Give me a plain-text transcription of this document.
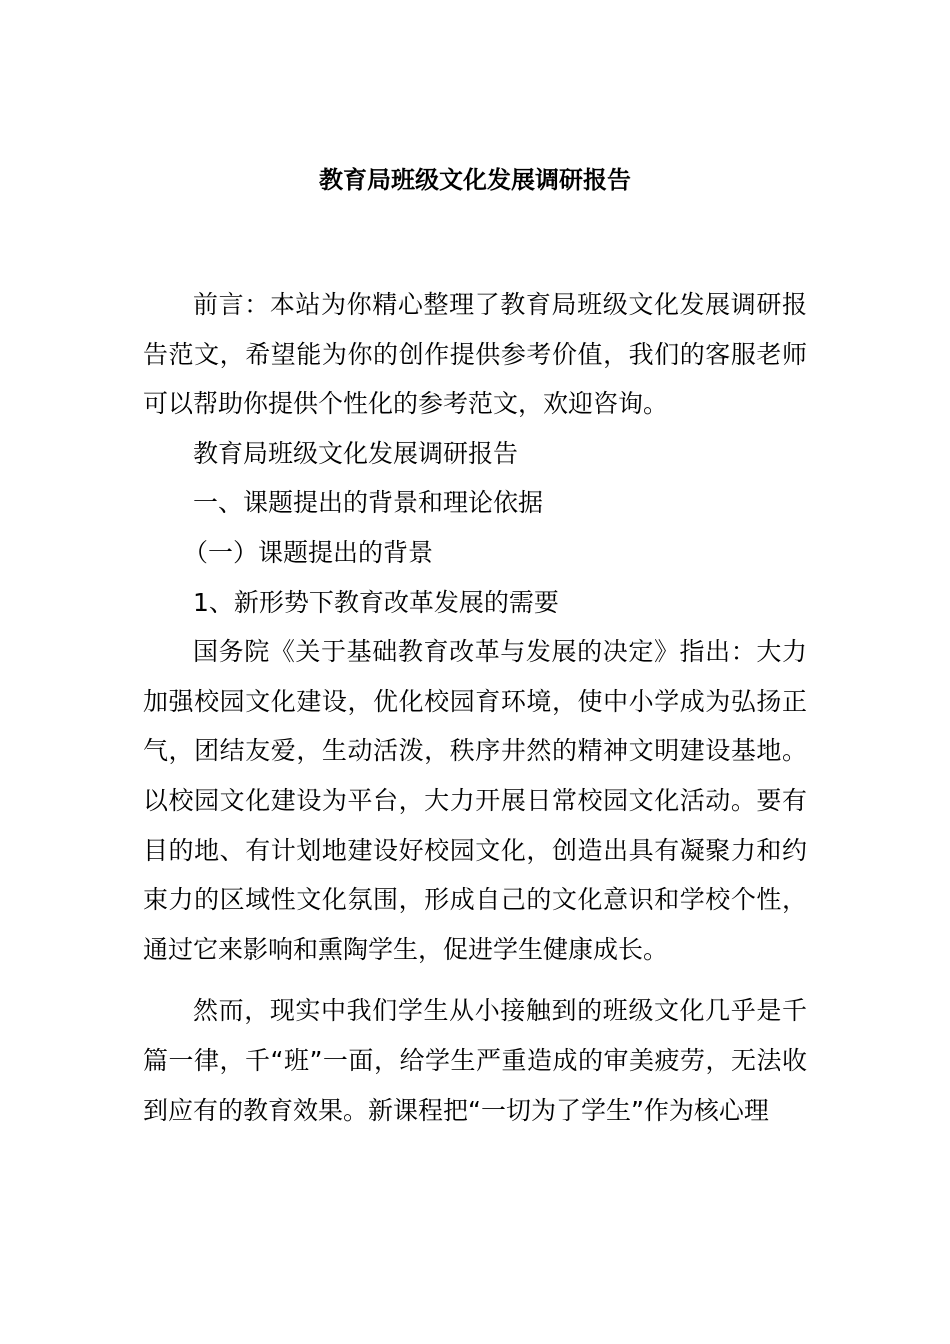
教育局班级文化发展调研报告

前言：本站为你精心整理了教育局班级文化发展调研报告范文，希望能为你的创作提供参考价值，我们的客服老师可以帮助你提供个性化的参考范文，欢迎咨询。

教育局班级文化发展调研报告

一、课题提出的背景和理论依据

（一）课题提出的背景

1、新形势下教育改革发展的需要

国务院《关于基础教育改革与发展的决定》指出：大力加强校园文化建设，优化校园育环境，使中小学成为弘扬正气，团结友爱，生动活泼，秩序井然的精神文明建设基地。以校园文化建设为平台，大力开展日常校园文化活动。要有目的地、有计划地建设好校园文化，创造出具有凝聚力和约束力的区域性文化氛围，形成自己的文化意识和学校个性，通过它来影响和熏陶学生，促进学生健康成长。

然而，现实中我们学生从小接触到的班级文化几乎是千篇一律，千“班”一面，给学生严重造成的审美疲劳，无法收到应有的教育效果。新课程把“一切为了学生”作为核心理
